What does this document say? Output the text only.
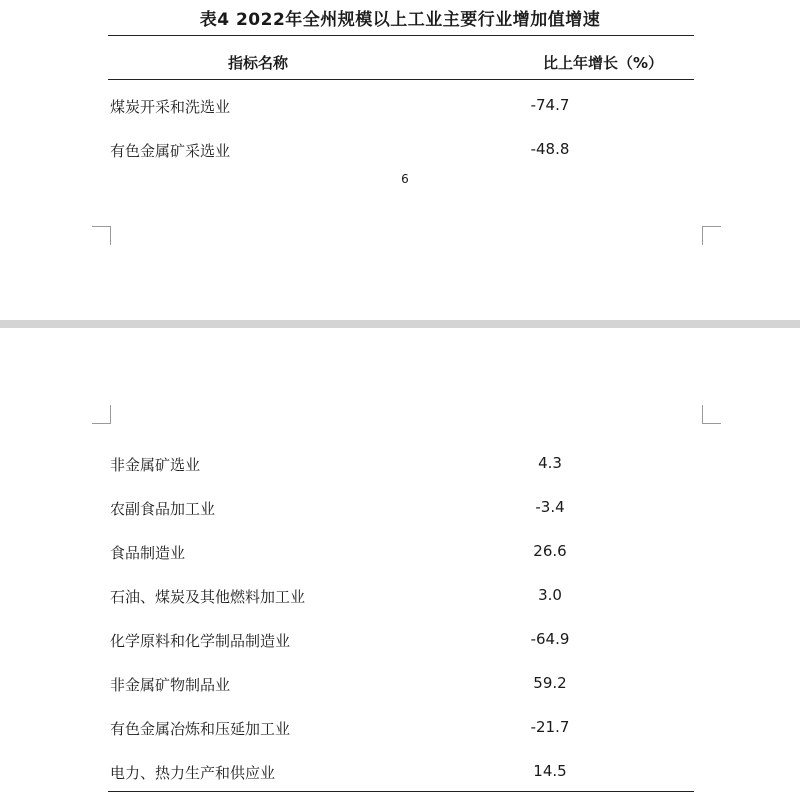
表4 2022年全州规模以上工业主要行业增加值增速
指标名称	比上年增长（%）
煤炭开采和洗选业	-74.7
有色金属矿采选业	-48.8
6
非金属矿选业	4.3
农副食品加工业	-3.4
食品制造业	26.6
石油、煤炭及其他燃料加工业	3.0
化学原料和化学制品制造业	-64.9
非金属矿物制品业	59.2
有色金属冶炼和压延加工业	-21.7
电力、热力生产和供应业	14.5
